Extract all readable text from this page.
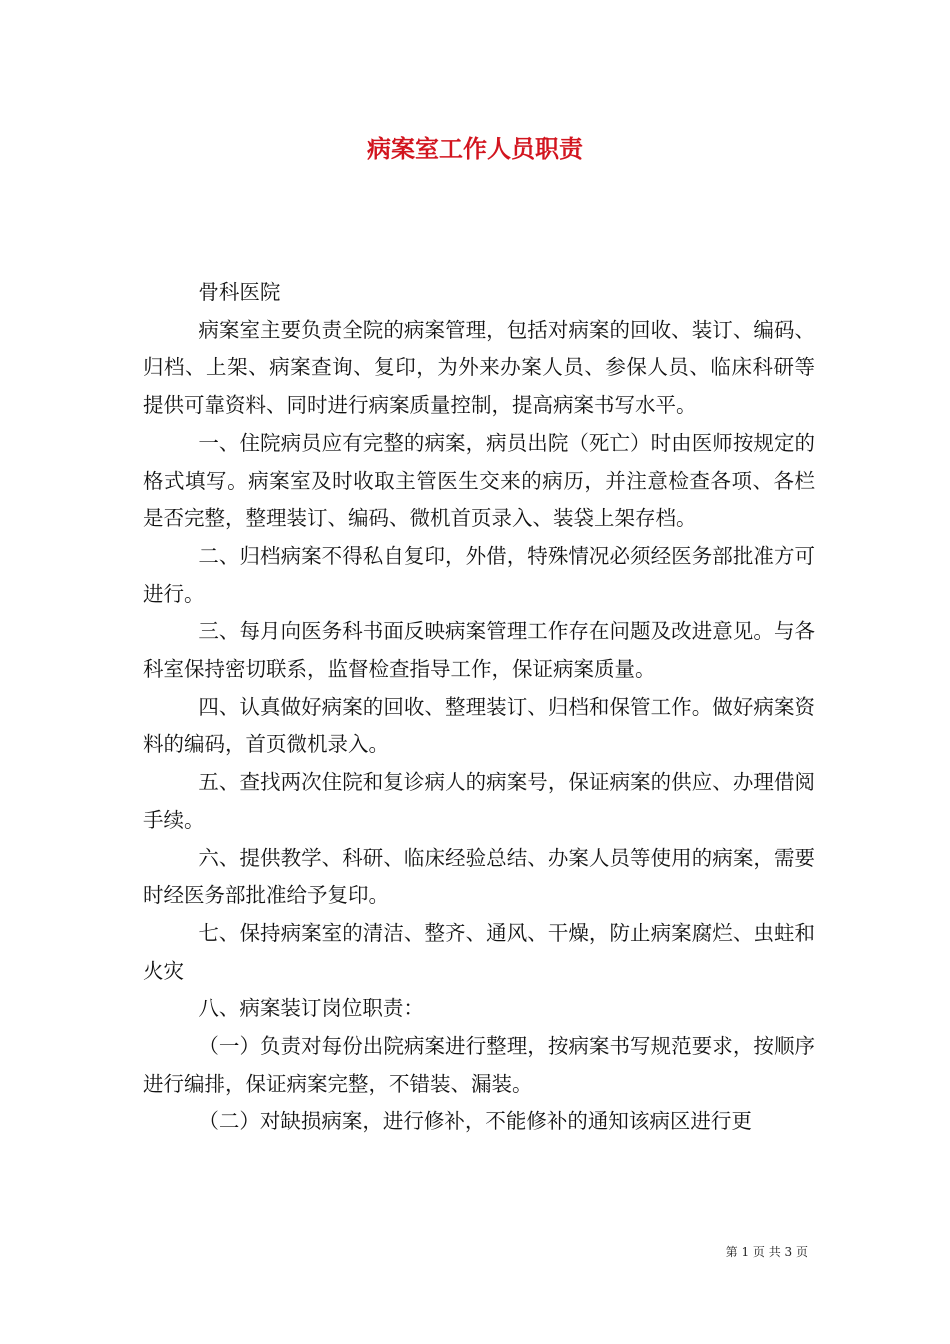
病案室工作人员职责

骨科医院

病案室主要负责全院的病案管理，包括对病案的回收、装订、编码、归档、上架、病案查询、复印，为外来办案人员、参保人员、临床科研等提供可靠资料、同时进行病案质量控制，提高病案书写水平。

一、住院病员应有完整的病案，病员出院（死亡）时由医师按规定的格式填写。病案室及时收取主管医生交来的病历，并注意检查各项、各栏是否完整，整理装订、编码、微机首页录入、装袋上架存档。

二、归档病案不得私自复印，外借，特殊情况必须经医务部批准方可进行。

三、每月向医务科书面反映病案管理工作存在问题及改进意见。与各科室保持密切联系，监督检查指导工作，保证病案质量。

四、认真做好病案的回收、整理装订、归档和保管工作。做好病案资料的编码，首页微机录入。

五、查找两次住院和复诊病人的病案号，保证病案的供应、办理借阅手续。

六、提供教学、科研、临床经验总结、办案人员等使用的病案，需要时经医务部批准给予复印。

七、保持病案室的清洁、整齐、通风、干燥，防止病案腐烂、虫蛀和火灾

八、病案装订岗位职责：

（一）负责对每份出院病案进行整理，按病案书写规范要求，按顺序进行编排，保证病案完整，不错装、漏装。

（二）对缺损病案，进行修补，不能修补的通知该病区进行更

第 1 页 共 3 页
